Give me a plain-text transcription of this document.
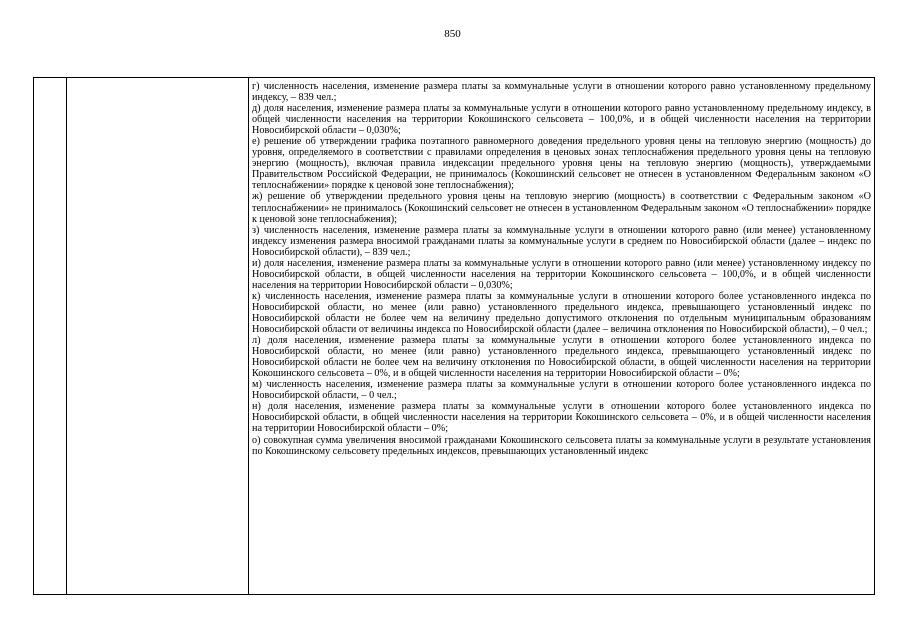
850

г) численность населения, изменение размера платы за коммунальные услуги в отношении которого равно установленному предельному индексу, – 839 чел.;

д) доля населения, изменение размера платы за коммунальные услуги в отношении которого равно установленному предельному индексу, в общей численности населения на территории Кокошинского сельсовета – 100,0%, и в общей численности населения на территории Новосибирской области – 0,030%;

е) решение об утверждении графика поэтапного равномерного доведения предельного уровня цены на тепловую энергию (мощность) до уровня, определяемого в соответствии с правилами определения в ценовых зонах теплоснабжения предельного уровня цены на тепловую энергию (мощность), включая правила индексации предельного уровня цены на тепловую энергию (мощность), утверждаемыми Правительством Российской Федерации, не принималось (Кокошинский сельсовет не отнесен в установленном Федеральным законом «О теплоснабжении» порядке к ценовой зоне теплоснабжения);

ж) решение об утверждении предельного уровня цены на тепловую энергию (мощность) в соответствии с Федеральным законом «О теплоснабжении» не принималось (Кокошинский сельсовет не отнесен в установленном Федеральным законом «О теплоснабжении» порядке к ценовой зоне теплоснабжения);

з) численность населения, изменение размера платы за коммунальные услуги в отношении которого равно (или менее) установленному индексу изменения размера вносимой гражданами платы за коммунальные услуги в среднем по Новосибирской области (далее – индекс по Новосибирской области), – 839 чел.;

и) доля населения, изменение размера платы за коммунальные услуги в отношении которого равно (или менее) установленному индексу по Новосибирской области, в общей численности населения на территории Кокошинского сельсовета – 100,0%, и в общей численности населения на территории Новосибирской области – 0,030%;

к) численность населения, изменение размера платы за коммунальные услуги в отношении которого более установленного индекса по Новосибирской области, но менее (или равно) установленного предельного индекса, превышающего установленный индекс по Новосибирской области не более чем на величину предельно допустимого отклонения по отдельным муниципальным образованиям Новосибирской области от величины индекса по Новосибирской области (далее – величина отклонения по Новосибирской области), – 0 чел.;

л) доля населения, изменение размера платы за коммунальные услуги в отношении которого более установленного индекса по Новосибирской области, но менее (или равно) установленного предельного индекса, превышающего установленный индекс по Новосибирской области не более чем на величину отклонения по Новосибирской области, в общей численности населения на территории Кокошинского сельсовета – 0%, и в общей численности населения на территории Новосибирской области – 0%;

м) численность населения, изменение размера платы за коммунальные услуги в отношении которого более установленного индекса по Новосибирской области, – 0 чел.;

н) доля населения, изменение размера платы за коммунальные услуги в отношении которого более установленного индекса по Новосибирской области, в общей численности населения на территории Кокошинского сельсовета – 0%, и в общей численности населения на территории Новосибирской области – 0%;

о) совокупная сумма увеличения вносимой гражданами Кокошинского сельсовета платы за коммунальные услуги в результате установления по Кокошинскому сельсовету предельных индексов, превышающих установленный индекс
